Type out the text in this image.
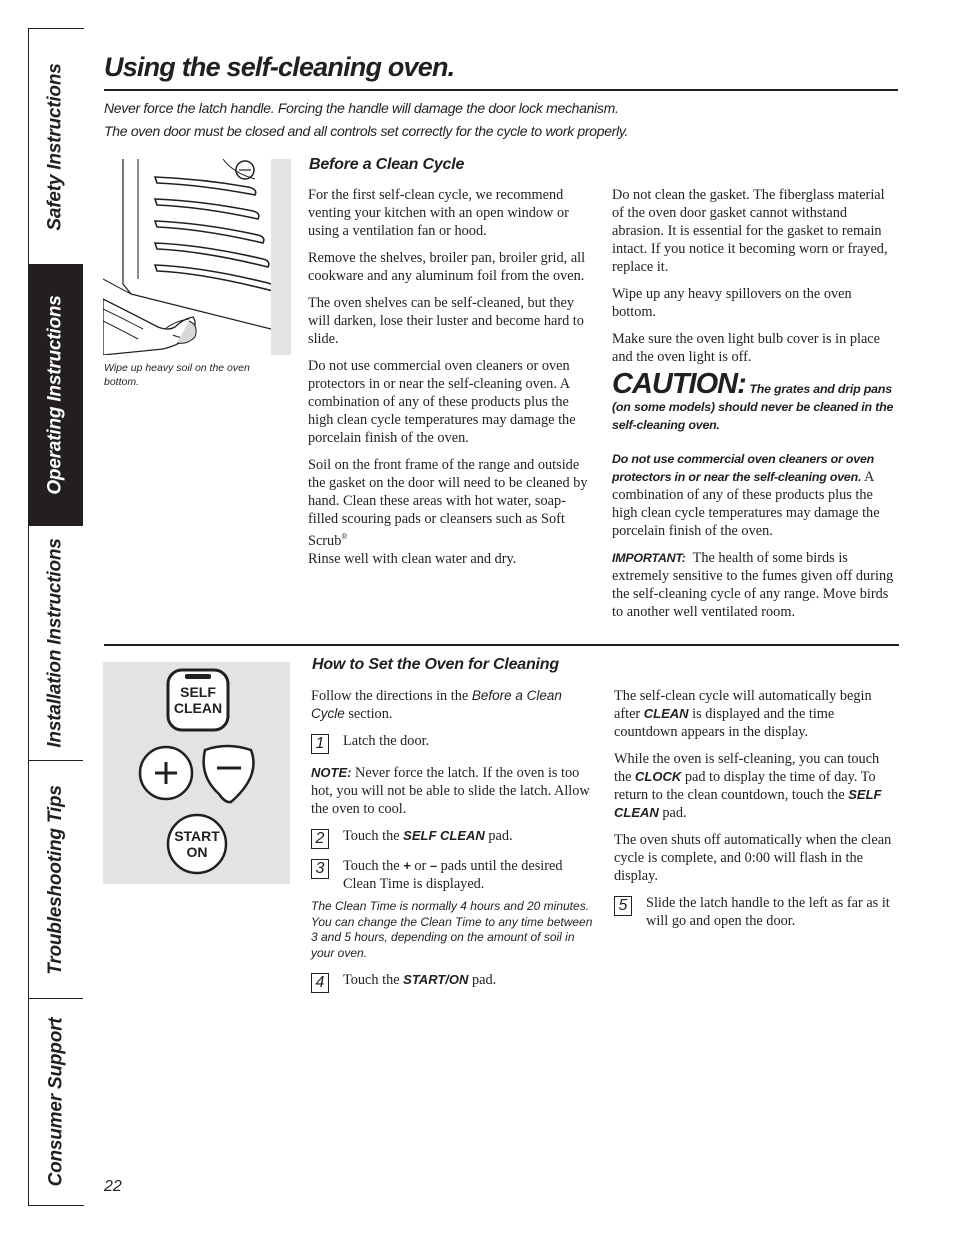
Safety Instructions
Operating Instructions
Installation Instructions
Troubleshooting Tips
Consumer Support
Using the self-cleaning oven.
Never force the latch handle. Forcing the handle will damage the door lock mechanism.
The oven door must be closed and all controls set correctly for the cycle to work properly.
Wipe up heavy soil on the oven bottom.
Before a Clean Cycle

For the first self-clean cycle, we recommend venting your kitchen with an open window or using a ventilation fan or hood.

Remove the shelves, broiler pan, broiler grid, all cookware and any aluminum foil from the oven.

The oven shelves can be self-cleaned, but they will darken, lose their luster and become hard to slide.

Do not use commercial oven cleaners or oven protectors in or near the self-cleaning oven. A combination of any of these products plus the high clean cycle temperatures may damage the porcelain finish of the oven.

Soil on the front frame of the range and outside the gasket on the door will need to be cleaned by hand. Clean these areas with hot water, soap-filled scouring pads or cleansers such as Soft Scrub®
Rinse well with clean water and dry.

Do not clean the gasket. The fiberglass material of the oven door gasket cannot withstand abrasion. It is essential for the gasket to remain intact. If you notice it becoming worn or frayed, replace it.

Wipe up any heavy spillovers on the oven bottom.

Make sure the oven light bulb cover is in place and the oven light is off.

CAUTION: The grates and drip pans (on some models) should never be cleaned in the self-cleaning oven.
Do not use commercial oven cleaners or oven protectors in or near the self-cleaning oven. A combination of any of these products plus the high clean cycle temperatures may damage the porcelain finish of the oven.

IMPORTANT: The health of some birds is extremely sensitive to the fumes given off during the self-cleaning cycle of any range. Move birds to another well ventilated room.

SELF
CLEAN
START
ON
How to Set the Oven for Cleaning

Follow the directions in the Before a Clean Cycle section.

1	Latch the door.

NOTE: Never force the latch. If the oven is too hot, you will not be able to slide the latch. Allow the oven to cool.

2	Touch the SELF CLEAN pad.
3	Touch the + or – pads until the desired Clean Time is displayed.
The Clean Time is normally 4 hours and 20 minutes. You can change the Clean Time to any time between 3 and 5 hours, depending on the amount of soil in your oven.
4	Touch the START/ON pad.

The self-clean cycle will automatically begin after CLEAN is displayed and the time countdown appears in the display.

While the oven is self-cleaning, you can touch the CLOCK pad to display the time of day. To return to the clean countdown, touch the SELF CLEAN pad.

The oven shuts off automatically when the clean cycle is complete, and 0:00 will flash in the display.

5	Slide the latch handle to the left as far as it will go and open the door.
22
